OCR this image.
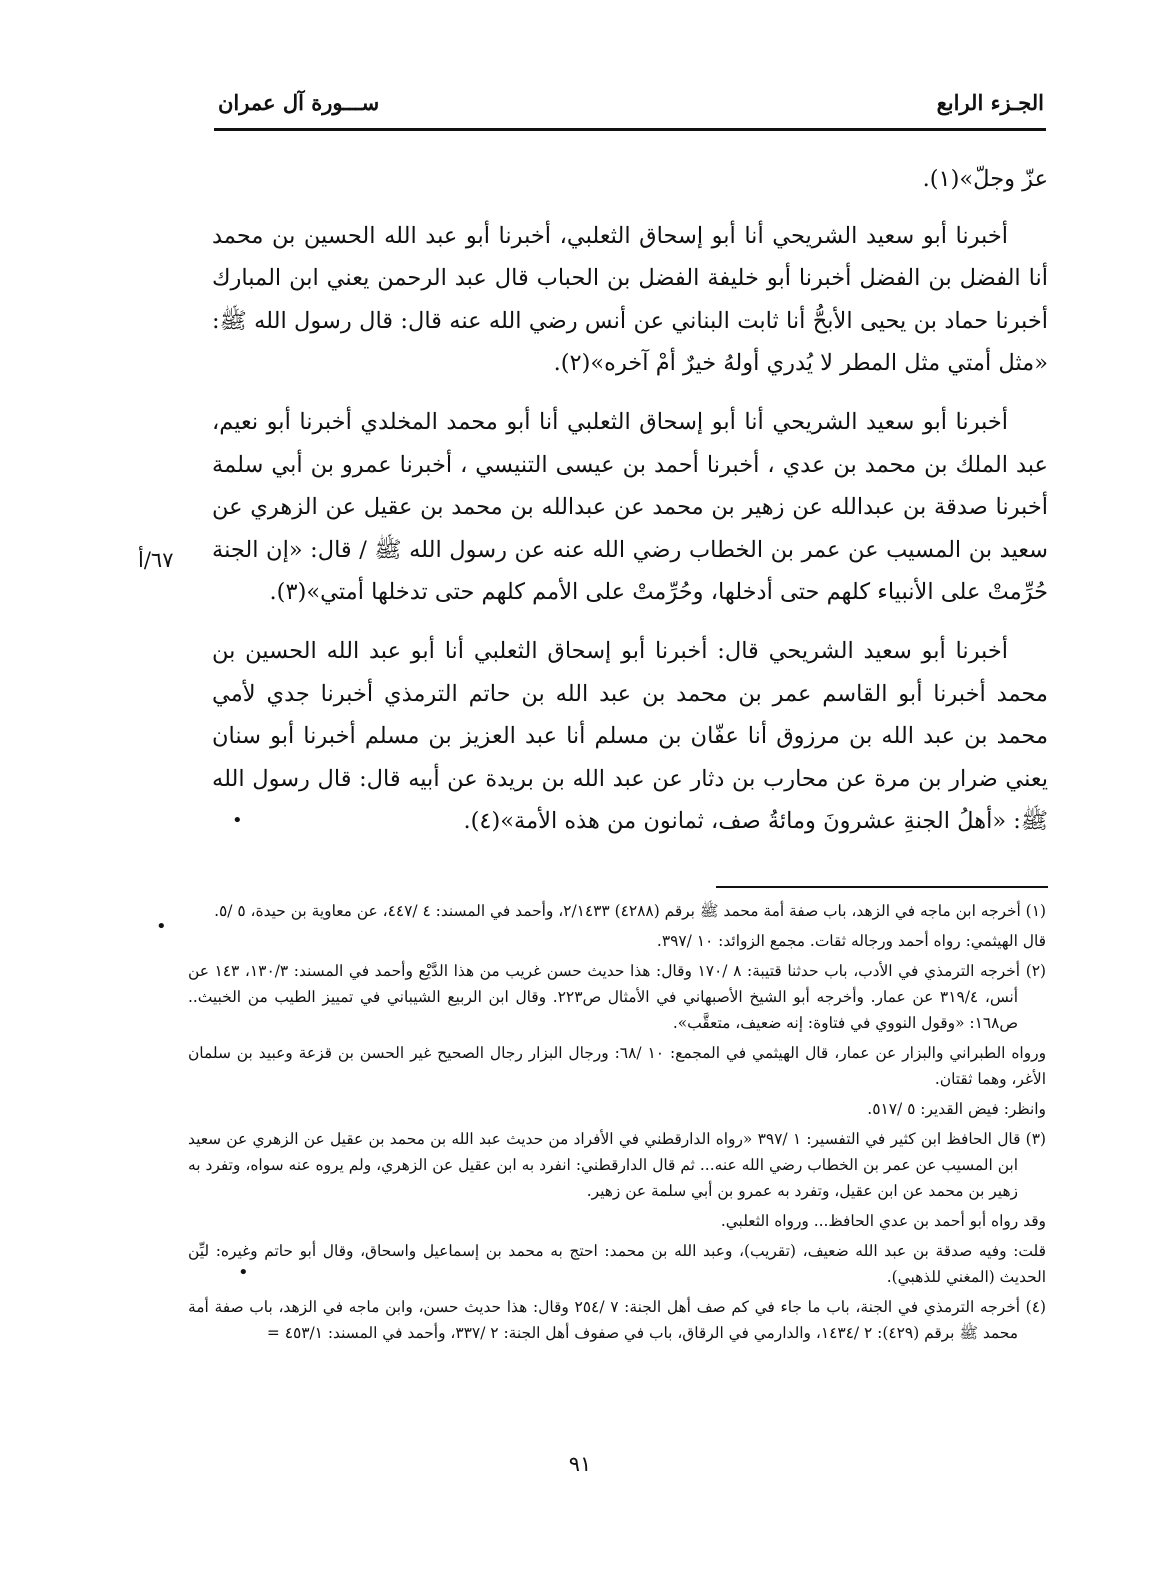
الجـزء الرابع
ســـورة آل عمران

عزّ وجلّ»(١).

أخبرنا أبو سعيد الشريحي أنا أبو إسحاق الثعلبي، أخبرنا أبو عبد الله الحسين بن محمد أنا الفضل بن الفضل أخبرنا أبو خليفة الفضل بن الحباب قال عبد الرحمن يعني ابن المبارك أخبرنا حماد بن يحيى الأبحُّ أنا ثابت البناني عن أنس رضي الله عنه قال: قال رسول الله ﷺ: «مثل أمتي مثل المطر لا يُدري أولهُ خيرٌ أمْ آخره»(٢).

أخبرنا أبو سعيد الشريحي أنا أبو إسحاق الثعلبي أنا أبو محمد المخلدي أخبرنا أبو نعيم، عبد الملك بن محمد بن عدي ، أخبرنا أحمد بن عيسى التنيسي ، أخبرنا عمرو بن أبي سلمة أخبرنا صدقة بن عبدالله عن زهير بن محمد عن عبدالله بن محمد بن عقيل عن الزهري عن سعيد بن المسيب عن عمر بن الخطاب رضي الله عنه عن رسول الله ﷺ / قال: «إن الجنة حُرِّمتْ على الأنبياء كلهم حتى أدخلها، وحُرِّمتْ على الأمم كلهم حتى تدخلها أمتي»(٣).

أخبرنا أبو سعيد الشريحي قال: أخبرنا أبو إسحاق الثعلبي أنا أبو عبد الله الحسين بن محمد أخبرنا أبو القاسم عمر بن محمد بن عبد الله بن حاتم الترمذي أخبرنا جدي لأمي محمد بن عبد الله بن مرزوق أنا عفّان بن مسلم أنا عبد العزيز بن مسلم أخبرنا أبو سنان يعني ضرار بن مرة عن محارب بن دثار عن عبد الله بن بريدة عن أبيه قال: قال رسول الله ﷺ: «أهلُ الجنةِ عشرونَ ومائةُ صف، ثمانون من هذه الأمة»(٤).

٦٧/أ
•
•
•

(١) أخرجه ابن ماجه في الزهد، باب صفة أمة محمد ﷺ برقم (٤٢٨٨) ٢/١٤٣٣، وأحمد في المسند: ٤ /٤٤٧، عن معاوية بن حيدة، ٥ /٥.

قال الهيثمي: رواه أحمد ورجاله ثقات. مجمع الزوائد: ١٠ /٣٩٧.

(٢) أخرجه الترمذي في الأدب، باب حدثنا قتيبة: ٨ /١٧٠ وقال: هذا حديث حسن غريب من هذا الدَّيْع وأحمد في المسند: ١٣٠/٣، ١٤٣ عن أنس، ٣١٩/٤ عن عمار. وأخرجه أبو الشيخ الأصبهاني في الأمثال ص٢٢٣. وقال ابن الربيع الشيباني في تمييز الطيب من الخبيث.. ص١٦٨: «وقول النووي في فتاوة: إنه ضعيف، متعقَّب».

ورواه الطبراني والبزار عن عمار، قال الهيثمي في المجمع: ١٠ /٦٨: ورجال البزار رجال الصحيح غير الحسن بن قزعة وعبيد بن سلمان الأغر، وهما ثقتان.

وانظر: فيض القدير: ٥ /٥١٧.

(٣) قال الحافظ ابن كثير في التفسير: ١ /٣٩٧ «رواه الدارقطني في الأفراد من حديث عبد الله بن محمد بن عقيل عن الزهري عن سعيد ابن المسيب عن عمر بن الخطاب رضي الله عنه... ثم قال الدارقطني: انفرد به ابن عقيل عن الزهري، ولم يروه عنه سواه، وتفرد به زهير بن محمد عن ابن عقيل، وتفرد به عمرو بن أبي سلمة عن زهير.

وقد رواه أبو أحمد بن عدي الحافظ... ورواه الثعلبي.

قلت: وفيه صدقة بن عبد الله ضعيف، (تقريب)، وعبد الله بن محمد: احتج به محمد بن إسماعيل واسحاق، وقال أبو حاتم وغيره: ليِّن الحديث (المغني للذهبي).

(٤) أخرجه الترمذي في الجنة، باب ما جاء في كم صف أهل الجنة: ٧ /٢٥٤ وقال: هذا حديث حسن، وابن ماجه في الزهد، باب صفة أمة محمد ﷺ برقم (٤٢٩): ٢ /١٤٣٤، والدارمي في الرقاق، باب في صفوف أهل الجنة: ٢ /٣٣٧، وأحمد في المسند: ٤٥٣/١ =

٩١
